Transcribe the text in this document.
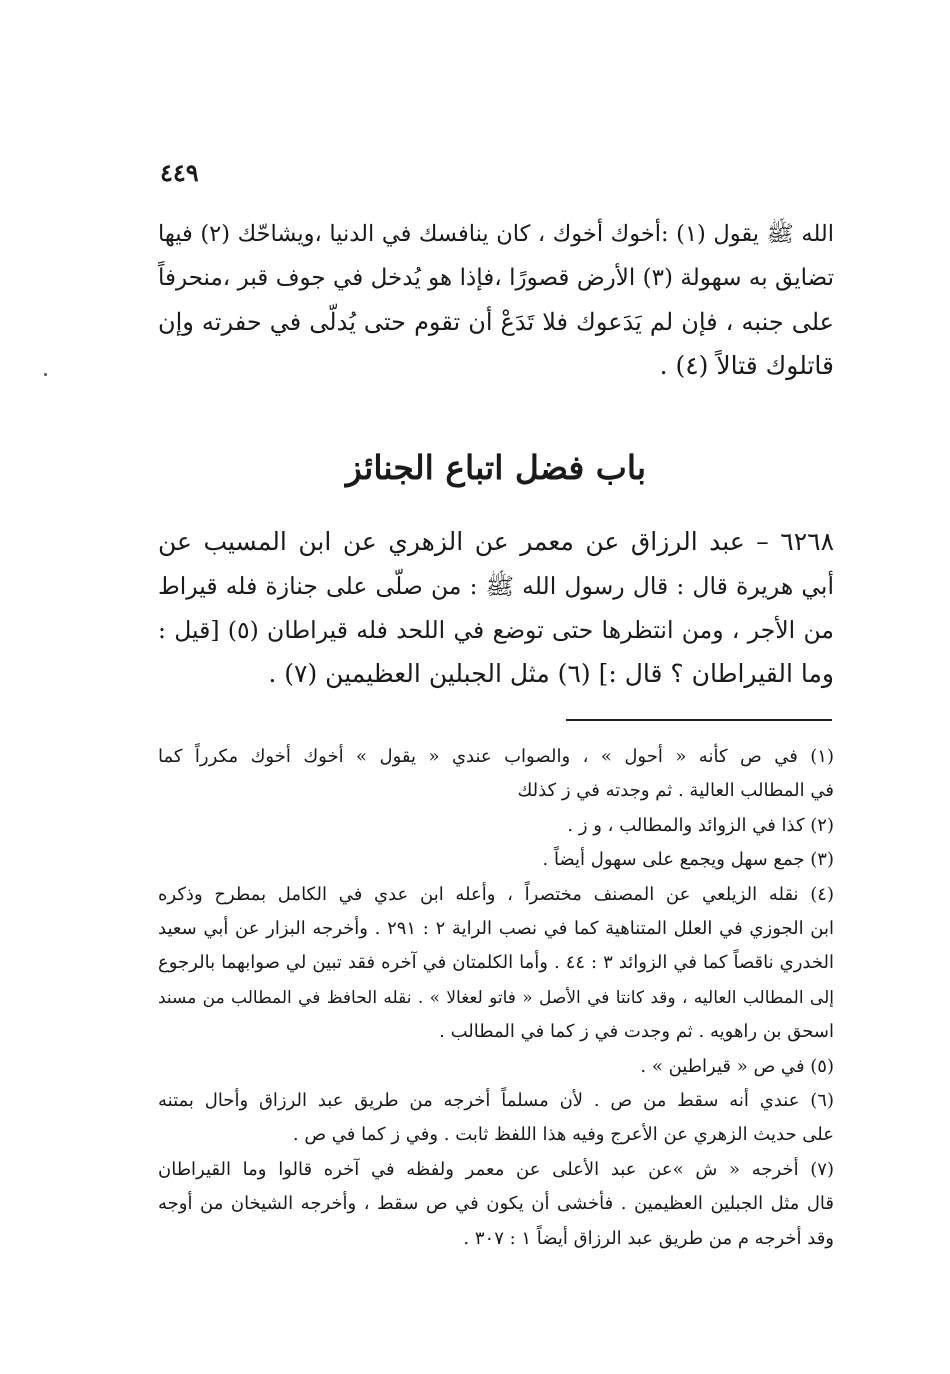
٤٤٩
الله ﷺ يقول (١) :أخوك أخوك ، كان ينافسك في الدنيا ،ويشاحّك (٢) فيها
تضايق به سهولة (٣) الأرض قصورًا ،فإذا هو يُدخل في جوف قبر ،منحرفاً
على جنبه ، فإن لم يَدَعوك فلا تَدَعْ أن تقوم حتى يُدلّى في حفرته وإن
قاتلوك قتالاً (٤) .
باب فضل اتباع الجنائز
٦٢٦٨ – عبد الرزاق عن معمر عن الزهري عن ابن المسيب عن
أبي هريرة قال : قال رسول الله ﷺ : من صلّى على جنازة فله قيراط
من الأجر ، ومن انتظرها حتى توضع في اللحد فله قيراطان (٥) [قيل :
وما القيراطان ؟ قال :] (٦) مثل الجبلين العظيمين (٧) .
(١) في ص كأنه « أحول » ، والصواب عندي « يقول » أخوك أخوك مكرراً كما
في المطالب العالية . ثم وجدته في ز كذلك
(٢) كذا في الزوائد والمطالب ، و ز .
(٣) جمع سهل ويجمع على سهول أيضاً .
(٤) نقله الزيلعي عن المصنف مختصراً ، وأعله ابن عدي في الكامل بمطرح وذكره
ابن الجوزي في العلل المتناهية كما في نصب الراية ٢ : ٢٩١ . وأخرجه البزار عن أبي سعيد
الخدري ناقصاً كما في الزوائد ٣ : ٤٤ . وأما الكلمتان في آخره فقد تبين لي صوابهما بالرجوع
إلى المطالب العاليه ، وقد كانتا في الأصل « فاتو لعغالا » . نقله الحافظ في المطالب من مسند
اسحق بن راهويه . ثم وجدت في ز كما في المطالب .
(٥) في ص « قيراطين » .
(٦) عندي أنه سقط من ص . لأن مسلماً أخرجه من طريق عبد الرزاق وأحال بمتنه
على حديث الزهري عن الأعرج وفيه هذا اللفظ ثابت . وفي ز كما في ص .
(٧) أخرجه « ش »عن عبد الأعلى عن معمر ولفظه في آخره قالوا وما القيراطان
قال مثل الجبلين العظيمين . فأخشى أن يكون في ص سقط ، وأخرجه الشيخان من أوجه
وقد أخرجه م من طريق عبد الرزاق أيضاً ١ : ٣٠٧ .
